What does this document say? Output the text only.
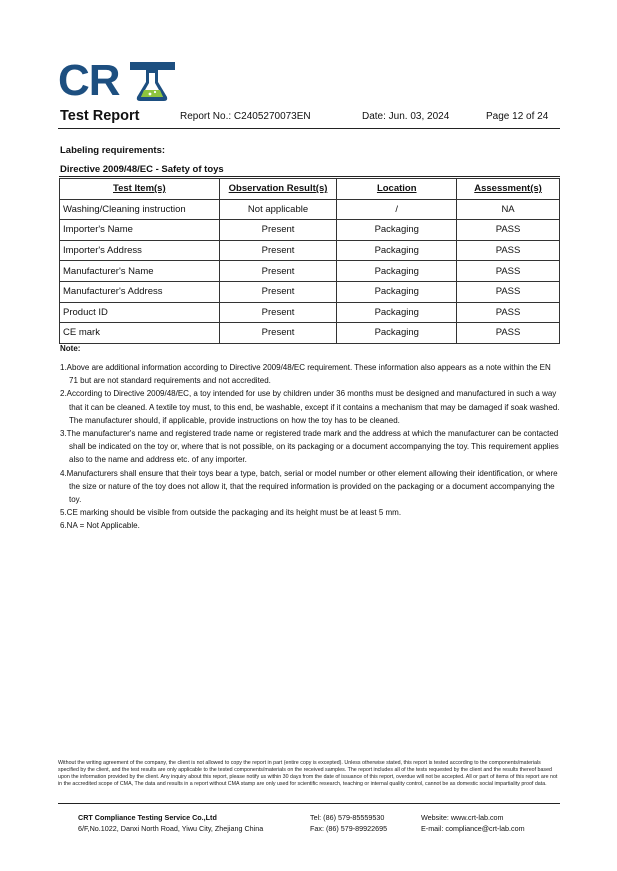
CR
Test Report	Report No.: C2405270073EN	Date: Jun. 03, 2024	Page 12 of 24
Labeling requirements:
Directive 2009/48/EC - Safety of toys
Test Item(s)	Observation Result(s)	Location	Assessment(s)
Washing/Cleaning instruction	Not applicable	/	NA
Importer's Name	Present	Packaging	PASS
Importer's Address	Present	Packaging	PASS
Manufacturer's Name	Present	Packaging	PASS
Manufacturer's Address	Present	Packaging	PASS
Product ID	Present	Packaging	PASS
CE mark	Present	Packaging	PASS
Note:
1.Above are additional information according to Directive 2009/48/EC requirement. These information also appears as a note within the EN 71 but are not standard requirements and not accredited.
2.According to Directive 2009/48/EC, a toy intended for use by children under 36 months must be designed and manufactured in such a way that it can be cleaned. A textile toy must, to this end, be washable, except if it contains a mechanism that may be damaged if soak washed. The manufacturer should, if applicable, provide instructions on how the toy has to be cleaned.
3.The manufacturer's name and registered trade name or registered trade mark and the address at which the manufacturer can be contacted shall be indicated on the toy or, where that is not possible, on its packaging or a document accompanying the toy. This requirement applies also to the name and address etc. of any importer.
4.Manufacturers shall ensure that their toys bear a type, batch, serial or model number or other element allowing their identification, or where the size or nature of the toy does not allow it, that the required information is provided on the packaging or a document accompanying the toy.
5.CE marking should be visible from outside the packaging and its height must be at least 5 mm.
6.NA = Not Applicable.
Without the writing agreement of the company, the client is not allowed to copy the report in part (entire copy is excepted). Unless otherwise stated, this report is tested according to the components/materials specified by the client, and the test results are only applicable to the tested components/materials on the received samples. The report includes all of the tests requested by the client and the results thereof based upon the information provided by the client. Any inquiry about this report, please notify us within 30 days from the date of issuance of this report, overdue will not be accepted. All or part of items of this report are not in the accredited scope of CMA, The data and results in a report without CMA stamp are only used for scientific research, teaching or internal quality control, cannot be as domestic social impartiality proof data.
CRT Compliance Testing Service Co.,Ltd
6/F,No.1022, Danxi North Road, Yiwu City, Zhejiang China
Tel: (86) 579-85559530
Fax: (86) 579-89922695
Website: www.crt-lab.com
E-mail: compliance@crt-lab.com
